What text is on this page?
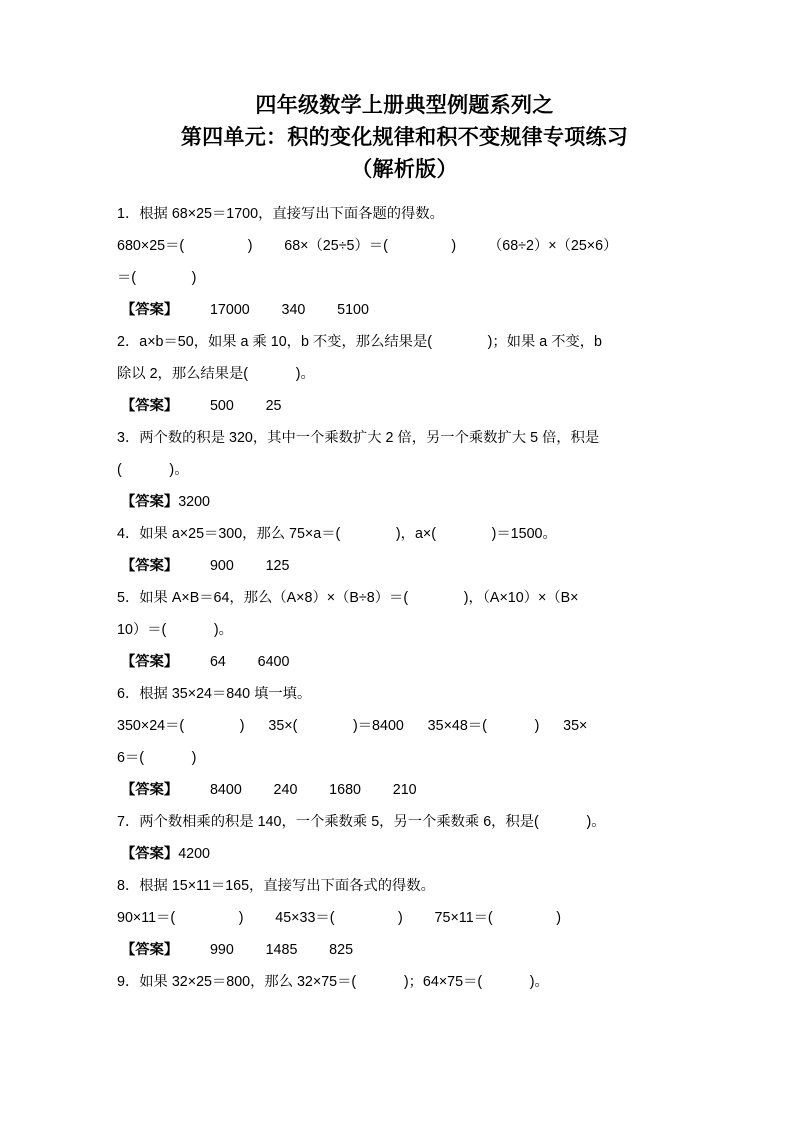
四年级数学上册典型例题系列之
第四单元：积的变化规律和积不变规律专项练习
（解析版）
1．根据 68×25＝1700，直接写出下面各题的得数。
680×25＝(                )        68×（25÷5）＝(                )        （68÷2）×（25×6）
＝(              )
【答案】        17000        340        5100
2．a×b＝50，如果 a 乘 10，b 不变，那么结果是(              )；如果 a 不变，b
除以 2，那么结果是(            )。
【答案】        500        25
3．两个数的积是 320，其中一个乘数扩大 2 倍，另一个乘数扩大 5 倍，积是
(            )。
【答案】3200
4．如果 a×25＝300，那么 75×a＝(              )，a×(              )＝1500。
【答案】        900        125
5．如果 A×B＝64，那么（A×8）×（B÷8）＝(              )，（A×10）×（B×
10）＝(            )。
【答案】        64        6400
6．根据 35×24＝840 填一填。
350×24＝(              )      35×(              )＝8400      35×48＝(            )      35×
6＝(            )
【答案】        8400        240        1680        210
7．两个数相乘的积是 140，一个乘数乘 5，另一个乘数乘 6，积是(            )。
【答案】4200
8．根据 15×11＝165，直接写出下面各式的得数。
90×11＝(                )        45×33＝(                )        75×11＝(                )
【答案】        990        1485        825
9．如果 32×25＝800，那么 32×75＝(            )；64×75＝(            )。
